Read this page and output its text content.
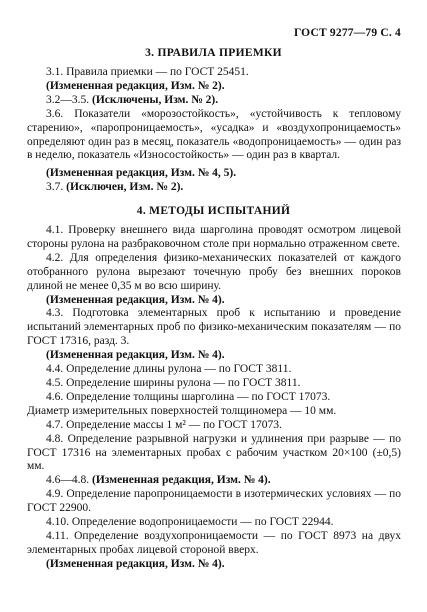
ГОСТ 9277—79 С. 4
3. ПРАВИЛА ПРИЕМКИ

3.1. Правила приемки — по ГОСТ 25451.

(Измененная редакция, Изм. № 2).

3.2—3.5. (Исключены, Изм. № 2).

3.6. Показатели «морозостойкость», «устойчивость к тепловому старению», «паропроницаемость», «усадка» и «воздухопроницаемость» определяют один раз в месяц, показатель «водопроницаемость» — один раз в неделю, показатель «Износостойкость» — один раз в квартал.

(Измененная редакция, Изм. № 4, 5).

3.7. (Исключен, Изм. № 2).

4. МЕТОДЫ ИСПЫТАНИЙ

4.1. Проверку внешнего вида шарголина проводят осмотром лицевой стороны рулона на разбраковочном столе при нормально отраженном свете.

4.2. Для определения физико-механических показателей от каждого отобранного рулона вырезают точечную пробу без внешних пороков длиной не менее 0,35 м во всю ширину.

(Измененная редакция, Изм. № 4).

4.3. Подготовка элементарных проб к испытанию и проведение испытаний элементарных проб по физико-механическим показателям — по ГОСТ 17316, разд. 3.

(Измененная редакция, Изм. № 4).

4.4. Определение длины рулона — по ГОСТ 3811.

4.5. Определение ширины рулона — по ГОСТ 3811.

4.6. Определение толщины шарголина — по ГОСТ 17073.

Диаметр измерительных поверхностей толщиномера — 10 мм.

4.7. Определение массы 1 м² — по ГОСТ 17073.

4.8. Определение разрывной нагрузки и удлинения при разрыве — по ГОСТ 17316 на элементарных пробах с рабочим участком 20×100 (±0,5) мм.

4.6—4.8. (Измененная редакция, Изм. № 4).

4.9. Определение паропроницаемости в изотермических условиях — по ГОСТ 22900.

4.10. Определение водопроницаемости — по ГОСТ 22944.

4.11. Определение воздухопроницаемости — по ГОСТ 8973 на двух элементарных пробах лицевой стороной вверх.

(Измененная редакция, Изм. № 4).
